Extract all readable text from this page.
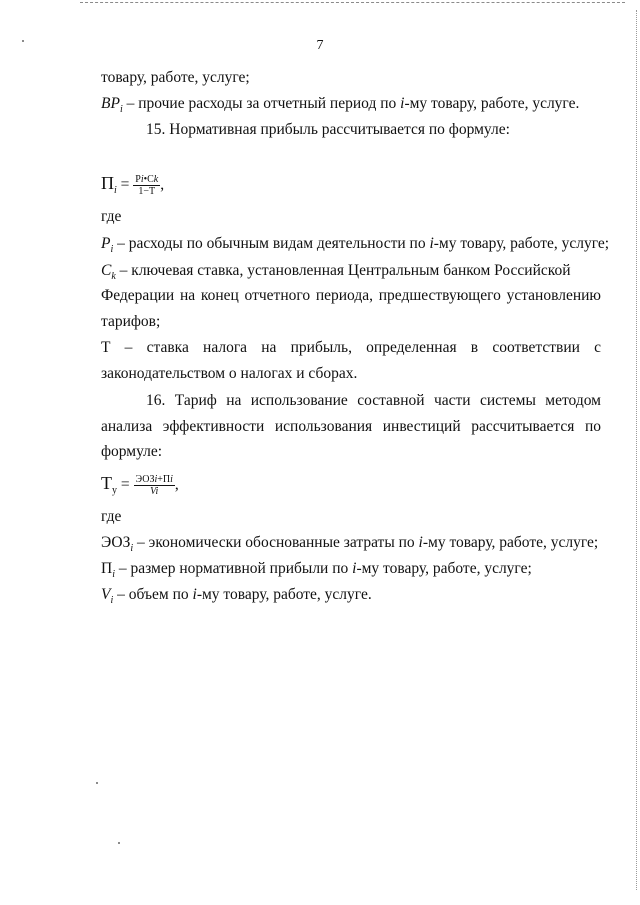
7
товару, работе, услуге;
$BP_i$ – прочие расходы за отчетный период по i-му товару, работе, услуге.
15. Нормативная прибыль рассчитывается по формуле:
$П_i = \frac{Pi•Ck}{1-T}$ ,
где
$P_i$ – расходы по обычным видам деятельности по i-му товару, работе, услуге;
$C_k$ – ключевая ставка, установленная Центральным банком Российской
Федерации на конец отчетного периода, предшествующего установлению
тарифов;
Т – ставка налога на прибыль, определенная в соответствии с
законодательством о налогах и сборах.
16. Тариф на использование составной части системы методом
анализа эффективности использования инвестиций рассчитывается по
формуле:
$Т_у = \frac{\text{ЭОЗi+Пi}}{Vi}$ ,
где
$ЭОЗ_i$ – экономически обоснованные затраты по i-му товару, работе, услуге;
$П_i$ – размер нормативной прибыли по i-му товару, работе, услуге;
$V_i$ – объем по i-му товару, работе, услуге.
